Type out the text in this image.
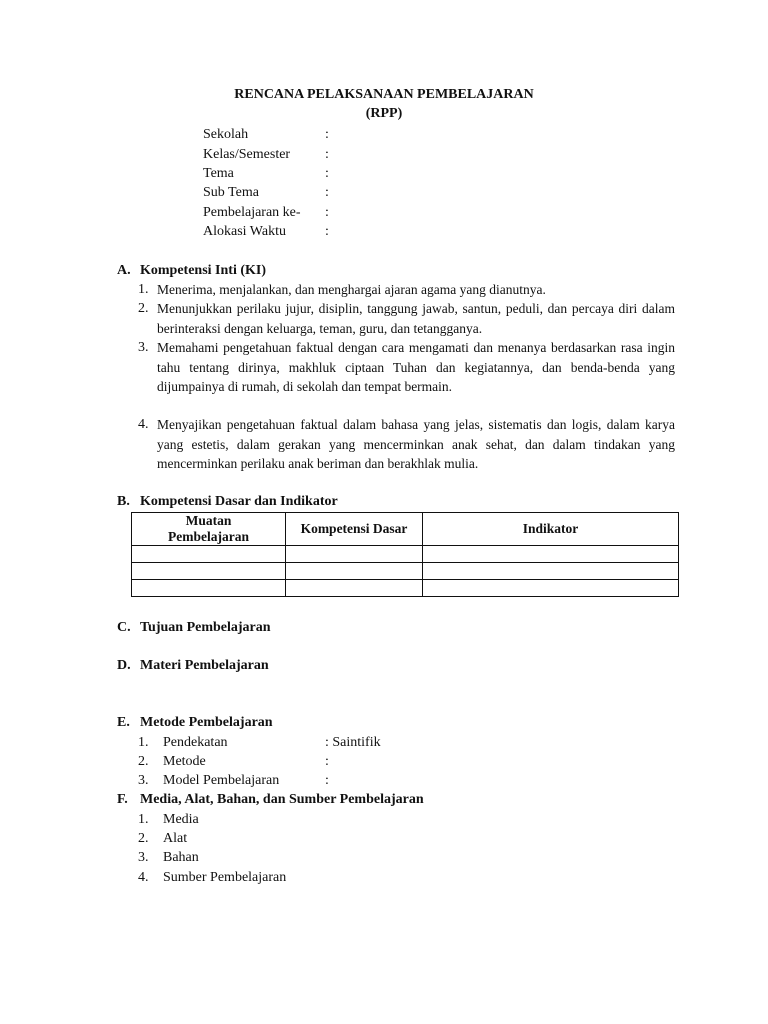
RENCANA PELAKSANAAN PEMBELAJARAN
(RPP)
Sekolah	:
Kelas/Semester :
Tema	:
Sub Tema	:
Pembelajaran ke- :
Alokasi Waktu	:
A. Kompetensi Inti (KI)
1. Menerima, menjalankan, dan menghargai ajaran agama yang dianutnya.
2. Menunjukkan perilaku jujur, disiplin, tanggung jawab, santun, peduli, dan percaya diri dalam berinteraksi dengan keluarga, teman, guru, dan tetangganya.
3. Memahami pengetahuan faktual dengan cara mengamati dan menanya berdasarkan rasa ingin tahu tentang dirinya, makhluk ciptaan Tuhan dan kegiatannya, dan benda-benda yang dijumpainya di rumah, di sekolah dan tempat bermain.
4. Menyajikan pengetahuan faktual dalam bahasa yang jelas, sistematis dan logis, dalam karya yang estetis, dalam gerakan yang mencerminkan anak sehat, dan dalam tindakan yang mencerminkan perilaku anak beriman dan berakhlak mulia.
B. Kompetensi Dasar dan Indikator
Muatan Pembelajaran	Kompetensi Dasar	Indikator

C. Tujuan Pembelajaran
D. Materi Pembelajaran
E. Metode Pembelajaran
1. Pendekatan	: Saintifik
2. Metode	:
3. Model Pembelajaran	:
F. Media, Alat, Bahan, dan Sumber Pembelajaran
1. Media
2. Alat
3. Bahan
4. Sumber Pembelajaran
